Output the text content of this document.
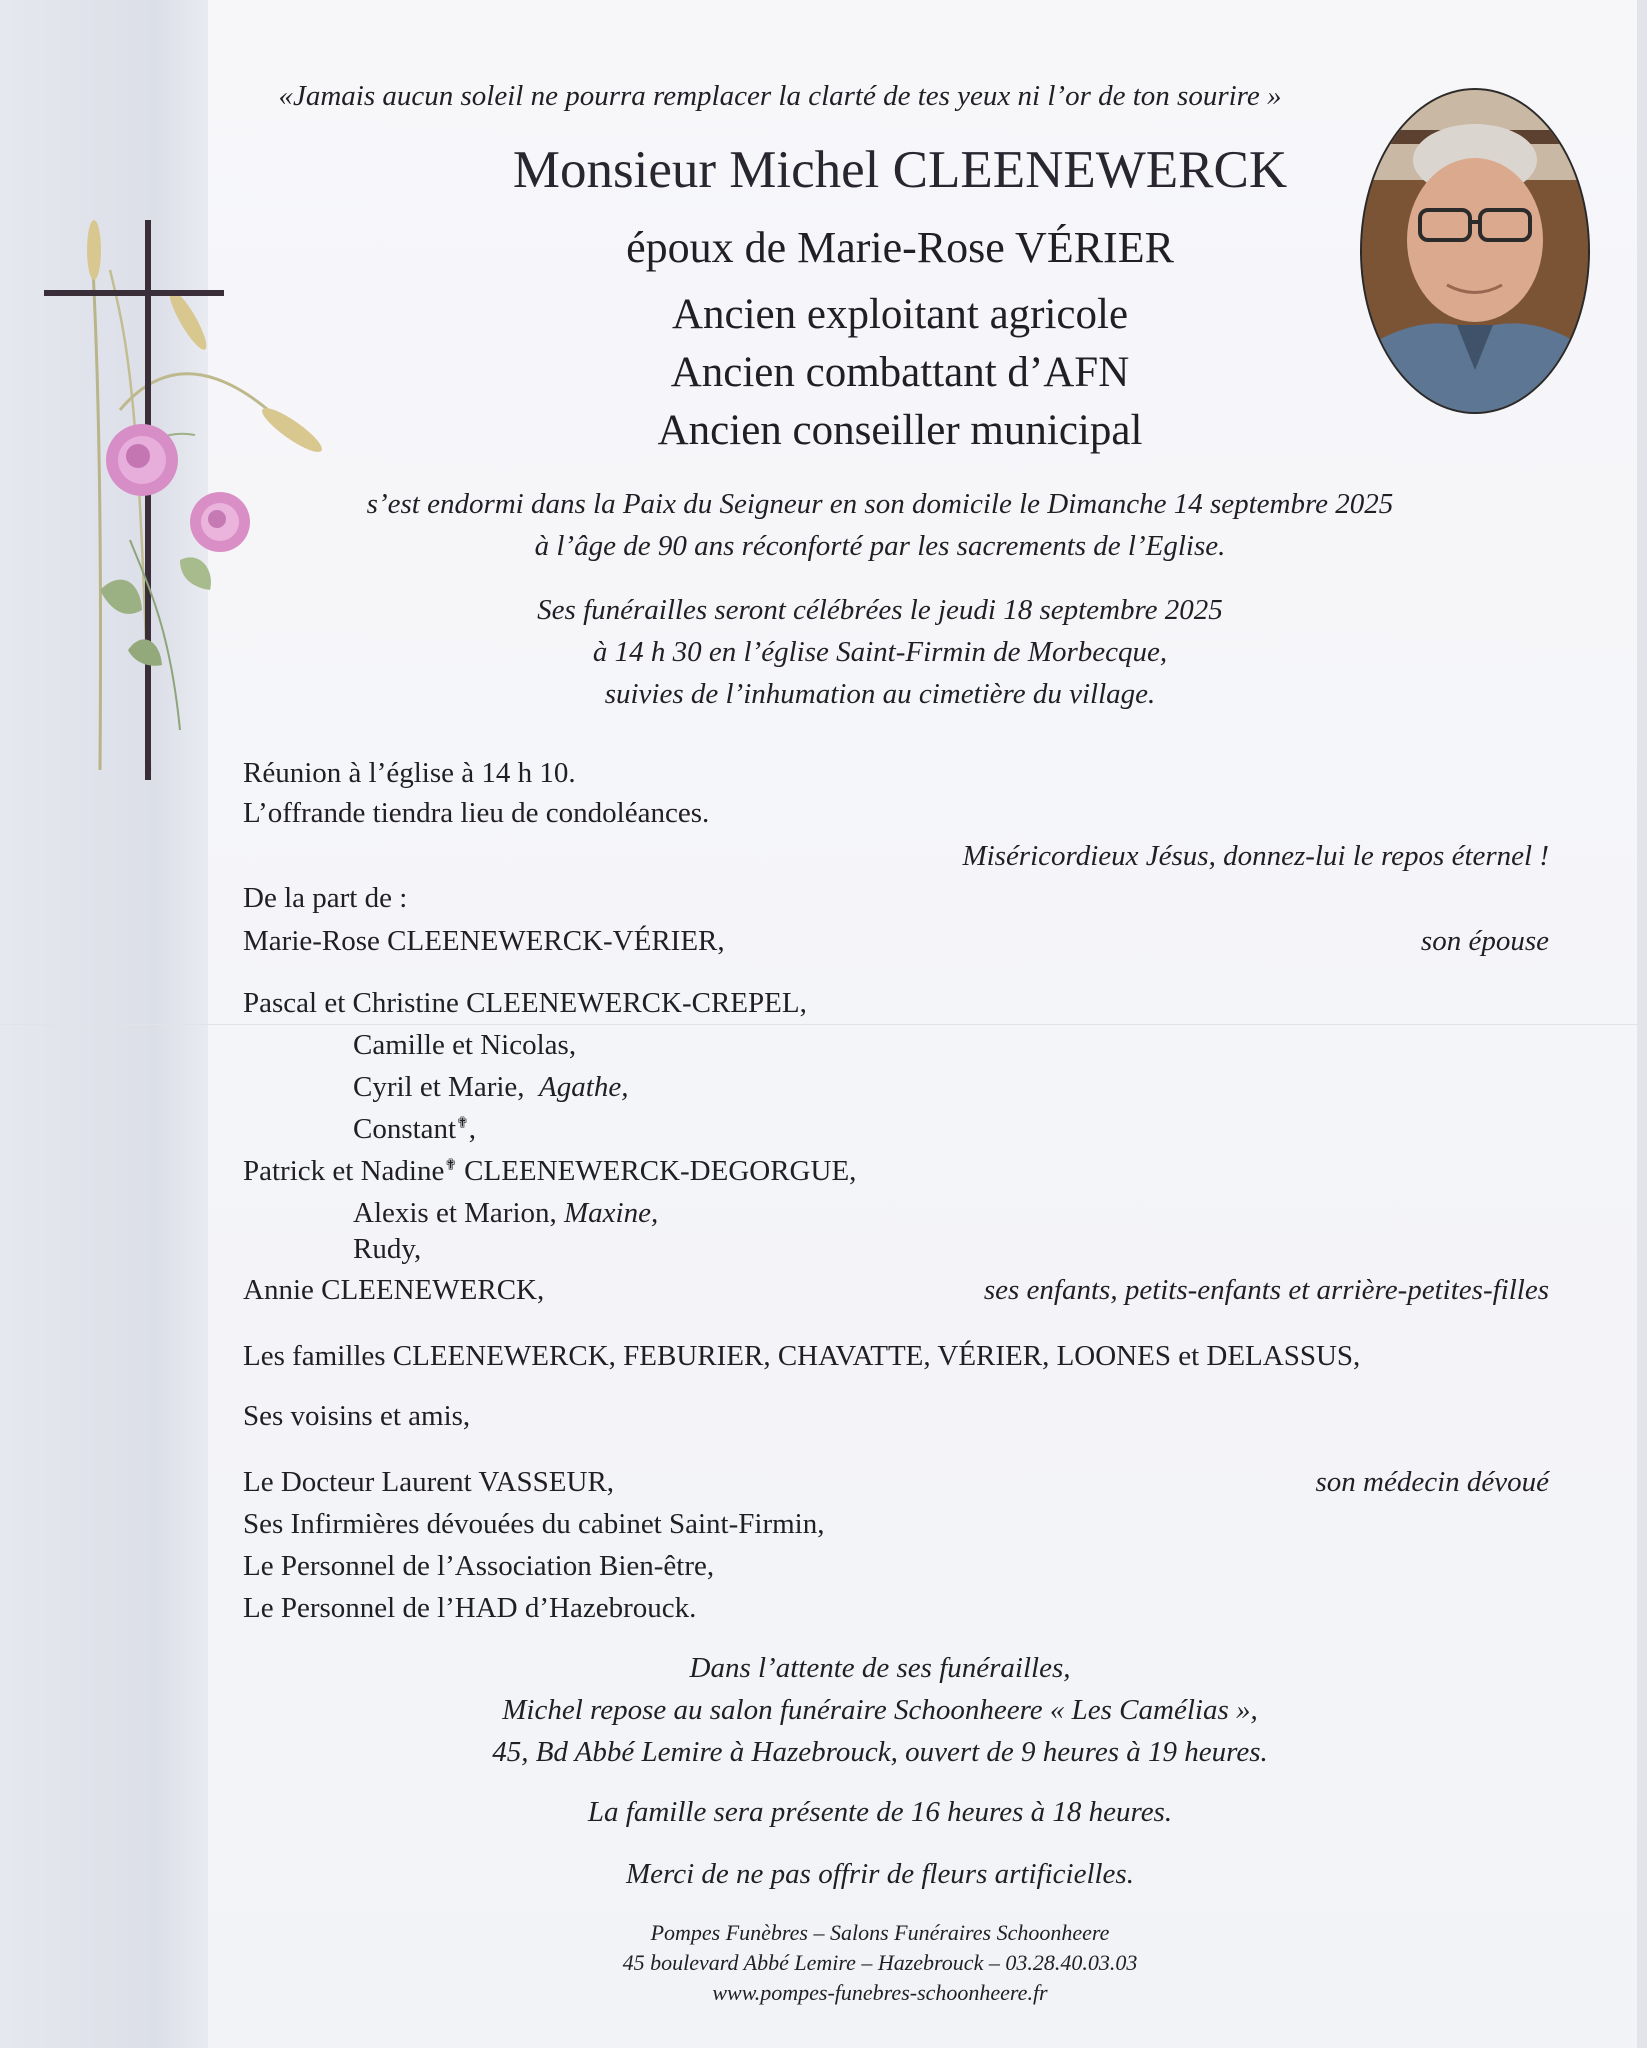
«Jamais aucun soleil ne pourra remplacer la clarté de tes yeux ni l’or de ton sourire »
Monsieur Michel CLEENEWERCK
époux de Marie-Rose VÉRIER
Ancien exploitant agricole
Ancien combattant d’AFN
Ancien conseiller municipal
s’est endormi dans la Paix du Seigneur en son domicile le Dimanche 14 septembre 2025
à l’âge de 90 ans réconforté par les sacrements de l’Eglise.
Ses funérailles seront célébrées le jeudi 18 septembre 2025
à 14 h 30 en l’église Saint-Firmin de Morbecque,
suivies de l’inhumation au cimetière du village.
Réunion à l’église à 14 h 10.
L’offrande tiendra lieu de condoléances.
Miséricordieux Jésus, donnez-lui le repos éternel !
De la part de :
Marie-Rose CLEENEWERCK-VÉRIER,	son épouse
Pascal et Christine CLEENEWERCK-CREPEL,
Camille et Nicolas,
Cyril et Marie, Agathe,
Constant✟,
Patrick et Nadine✟ CLEENEWERCK-DEGORGUE,
Alexis et Marion, Maxine,
Rudy,
Annie CLEENEWERCK,	ses enfants, petits-enfants et arrière-petites-filles
Les familles CLEENEWERCK, FEBURIER, CHAVATTE, VÉRIER, LOONES et DELASSUS,
Ses voisins et amis,
Le Docteur Laurent VASSEUR,	son médecin dévoué
Ses Infirmières dévouées du cabinet Saint-Firmin,
Le Personnel de l’Association Bien-être,
Le Personnel de l’HAD d’Hazebrouck.
Dans l’attente de ses funérailles,
Michel repose au salon funéraire Schoonheere « Les Camélias »,
45, Bd Abbé Lemire à Hazebrouck, ouvert de 9 heures à 19 heures.
La famille sera présente de 16 heures à 18 heures.
Merci de ne pas offrir de fleurs artificielles.
Pompes Funèbres – Salons Funéraires Schoonheere
45 boulevard Abbé Lemire – Hazebrouck – 03.28.40.03.03
www.pompes-funebres-schoonheere.fr
